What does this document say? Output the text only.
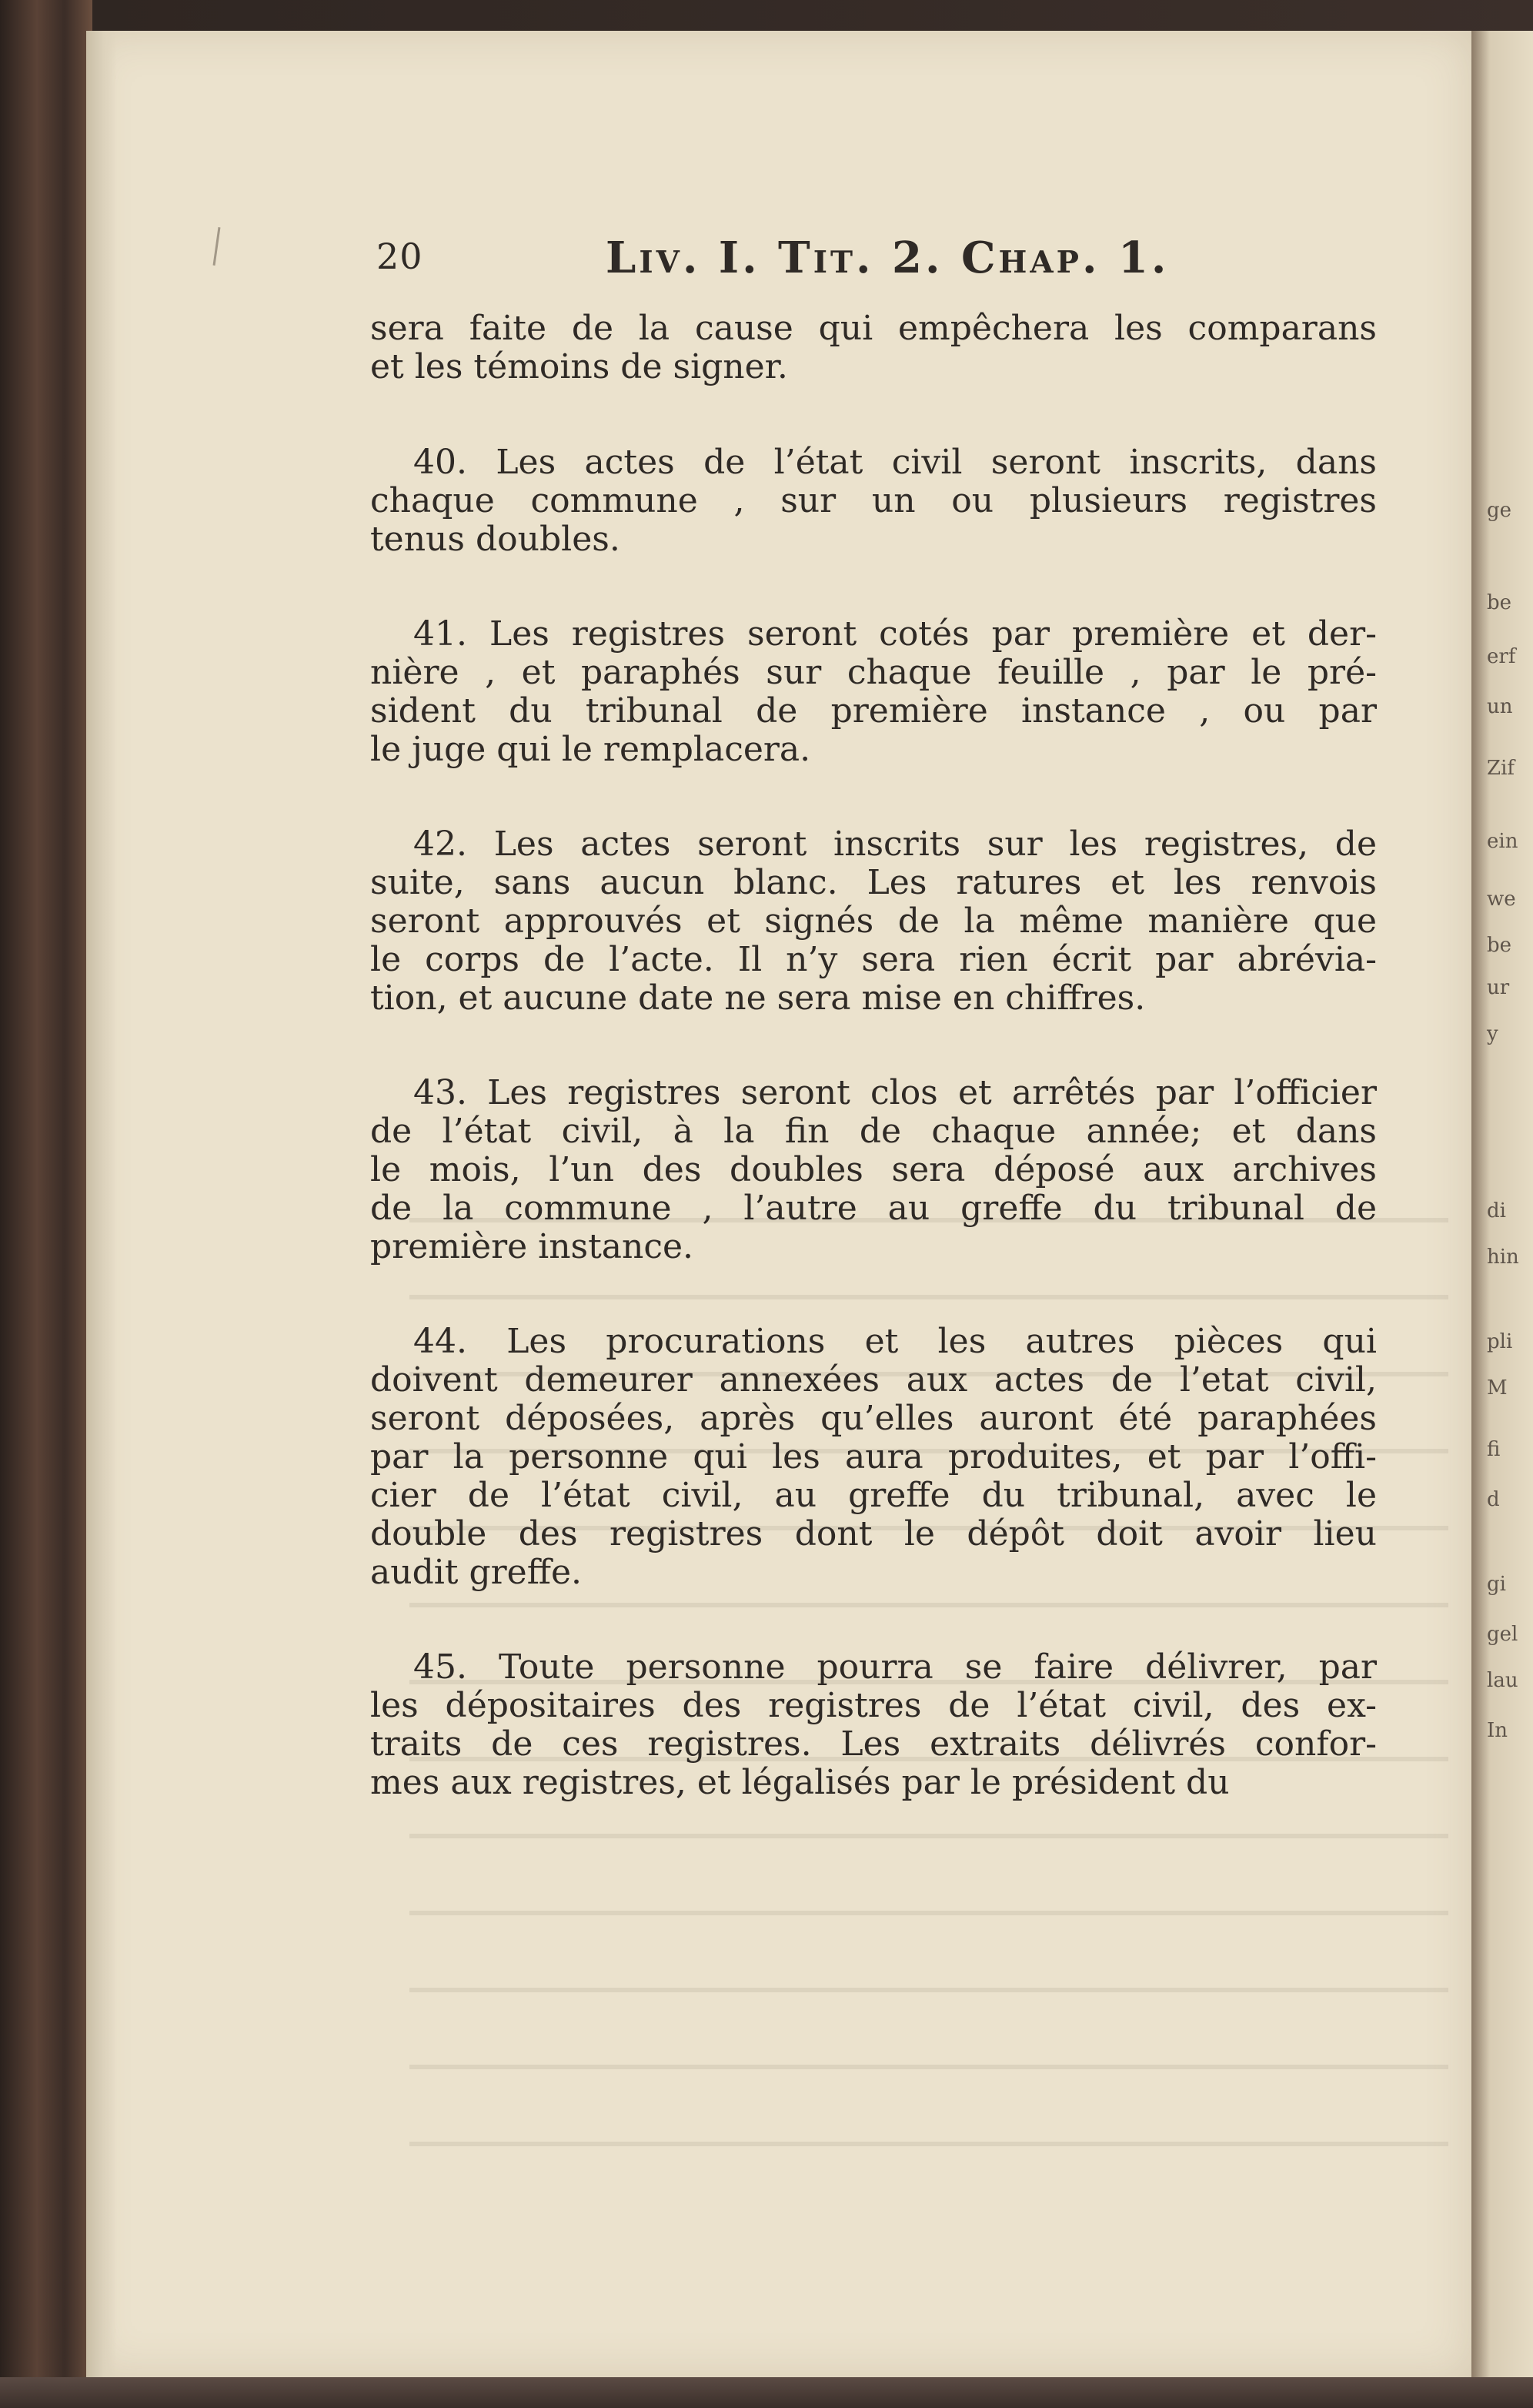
ge
be
erf
un
Zif
ein
we
be
ur
y
di
hin
pli
M
fi
d
gi
gel
lau
In
20	Liv. I. Tit. 2. Chap. 1.
sera faite de la cause qui empêchera les comparans
et les témoins de signer.
40. Les actes de l’état civil seront inscrits, dans
chaque commune , sur un ou plusieurs registres
tenus doubles.
41. Les registres seront cotés par première et der-
nière , et paraphés sur chaque feuille , par le pré-
sident du tribunal de première instance , ou par
le juge qui le remplacera.
42. Les actes seront inscrits sur les registres, de
suite, sans aucun blanc. Les ratures et les renvois
seront approuvés et signés de la même manière que
le corps de l’acte. Il n’y sera rien écrit par abrévia-
tion, et aucune date ne sera mise en chiffres.
43. Les registres seront clos et arrêtés par l’officier
de l’état civil, à la fin de chaque année; et dans
le mois, l’un des doubles sera déposé aux archives
de la commune , l’autre au greffe du tribunal de
première instance.
44. Les procurations et les autres pièces qui
doivent demeurer annexées aux actes de l’etat civil,
seront déposées, après qu’elles auront été paraphées
par la personne qui les aura produites, et par l’offi-
cier de l’état civil, au greffe du tribunal, avec le
double des registres dont le dépôt doit avoir lieu
audit greffe.
45. Toute personne pourra se faire délivrer, par
les dépositaires des registres de l’état civil, des ex-
traits de ces registres. Les extraits délivrés confor-
mes aux registres, et légalisés par le président du
